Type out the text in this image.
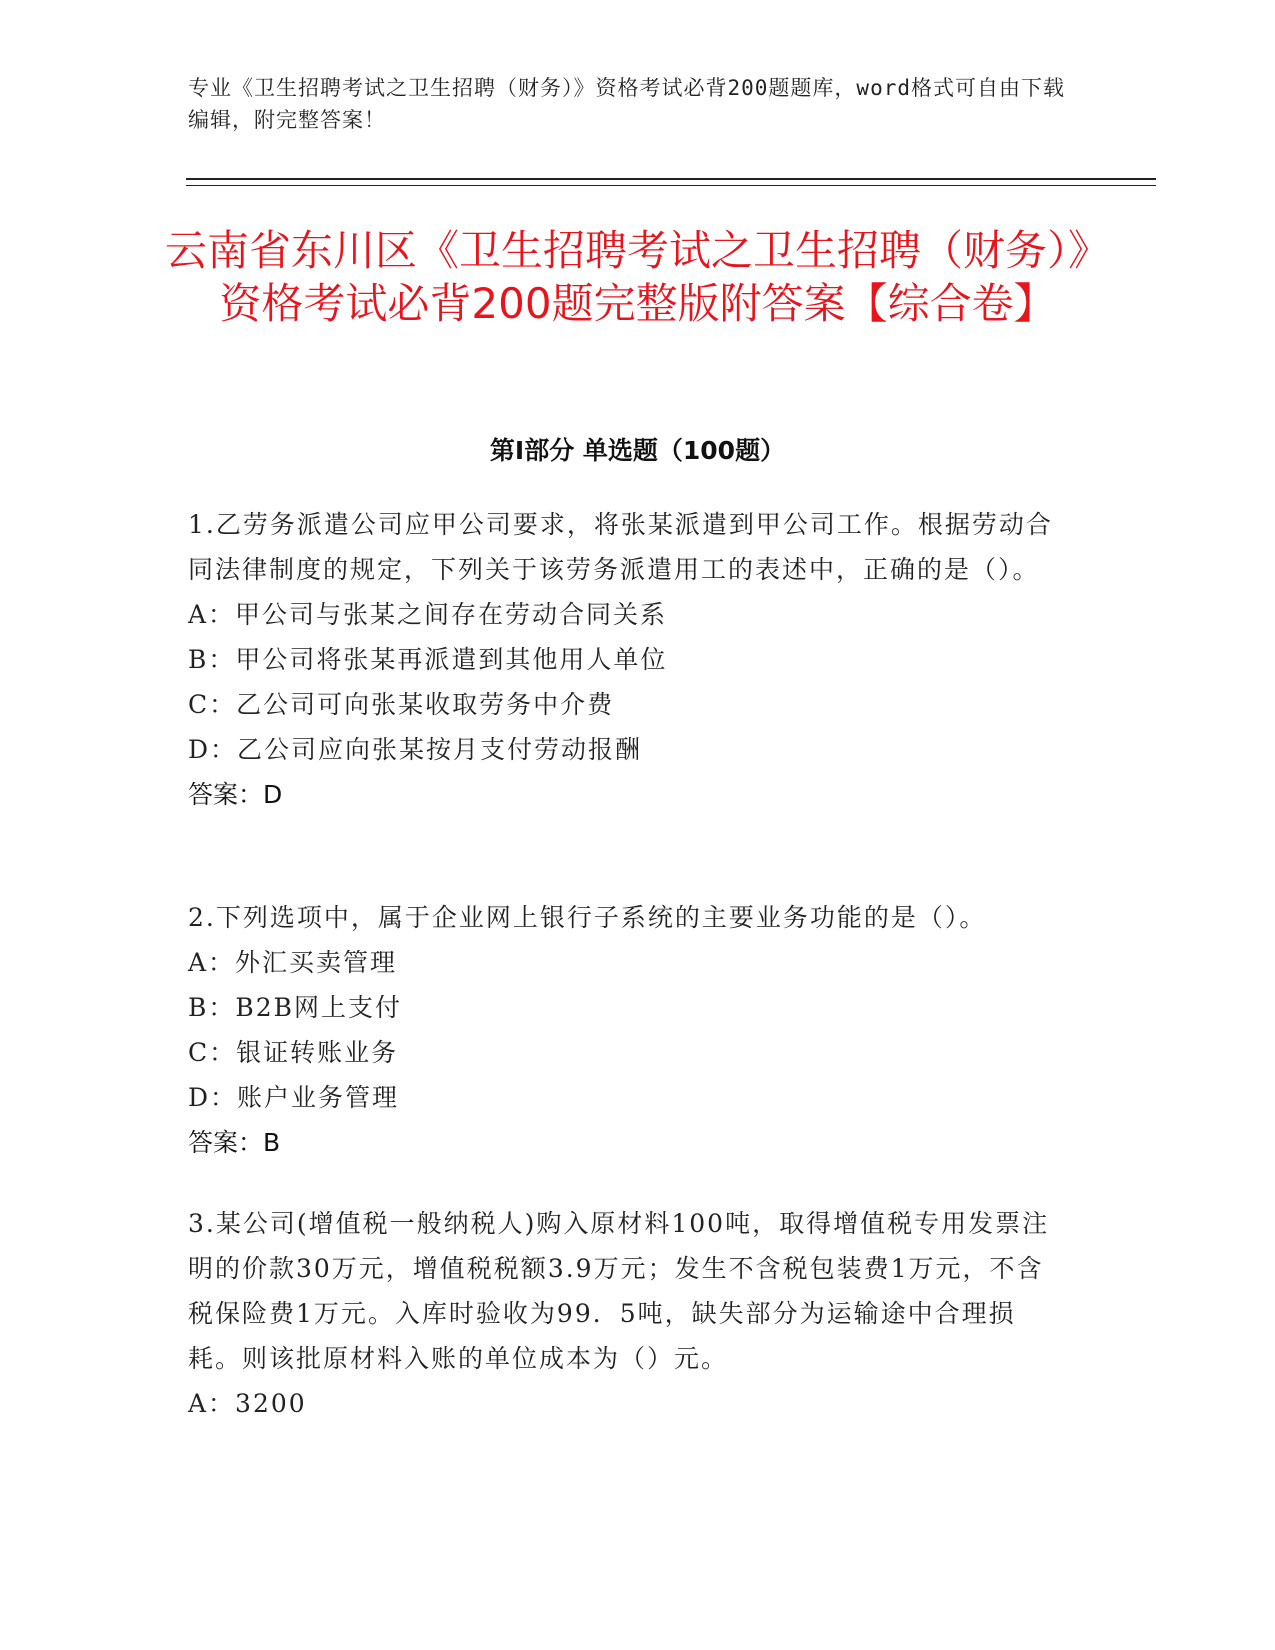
专业《卫生招聘考试之卫生招聘（财务）》资格考试必背200题题库，word格式可自由下载编辑，附完整答案！
云南省东川区《卫生招聘考试之卫生招聘（财务）》资格考试必背200题完整版附答案【综合卷】
第I部分 单选题（100题）

1.乙劳务派遣公司应甲公司要求，将张某派遣到甲公司工作。根据劳动合同法律制度的规定，下列关于该劳务派遣用工的表述中，正确的是（）。

A：甲公司与张某之间存在劳动合同关系

B：甲公司将张某再派遣到其他用人单位

C：乙公司可向张某收取劳务中介费

D：乙公司应向张某按月支付劳动报酬

答案：D

2.下列选项中，属于企业网上银行子系统的主要业务功能的是（）。

A：外汇买卖管理

B：B2B网上支付

C：银证转账业务

D：账户业务管理

答案：B

3.某公司(增值税一般纳税人)购入原材料100吨，取得增值税专用发票注明的价款30万元，增值税税额3.9万元；发生不含税包装费1万元，不含税保险费1万元。入库时验收为99．5吨，缺失部分为运输途中合理损耗。则该批原材料入账的单位成本为（）元。

A：3200
